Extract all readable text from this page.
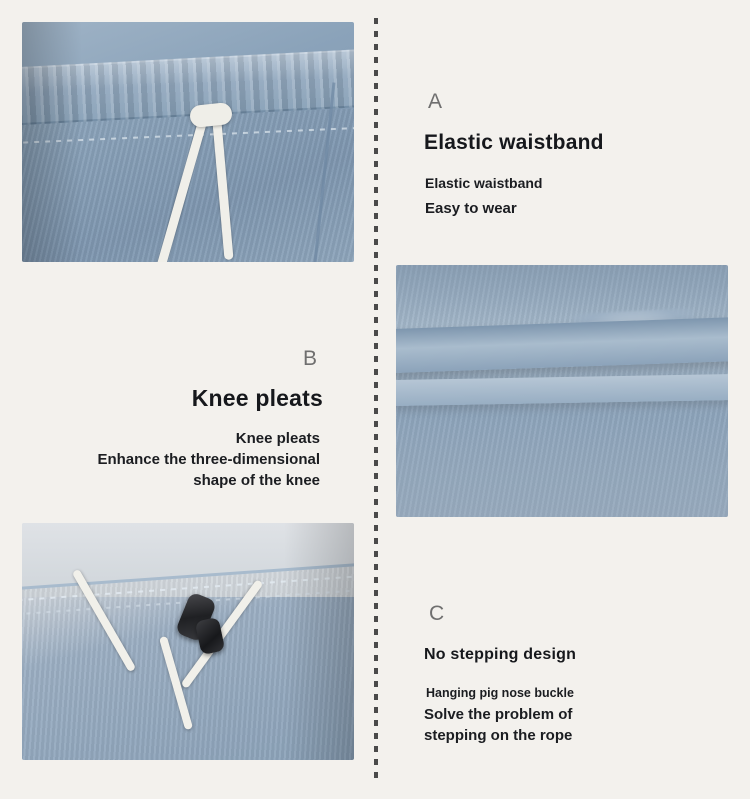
A
Elastic waistband
Elastic waistband
Easy to wear
B
Knee pleats
Knee pleats
Enhance the three-dimensional
shape of the knee
C
No stepping design
Hanging pig nose buckle
Solve the problem of
stepping on the rope
